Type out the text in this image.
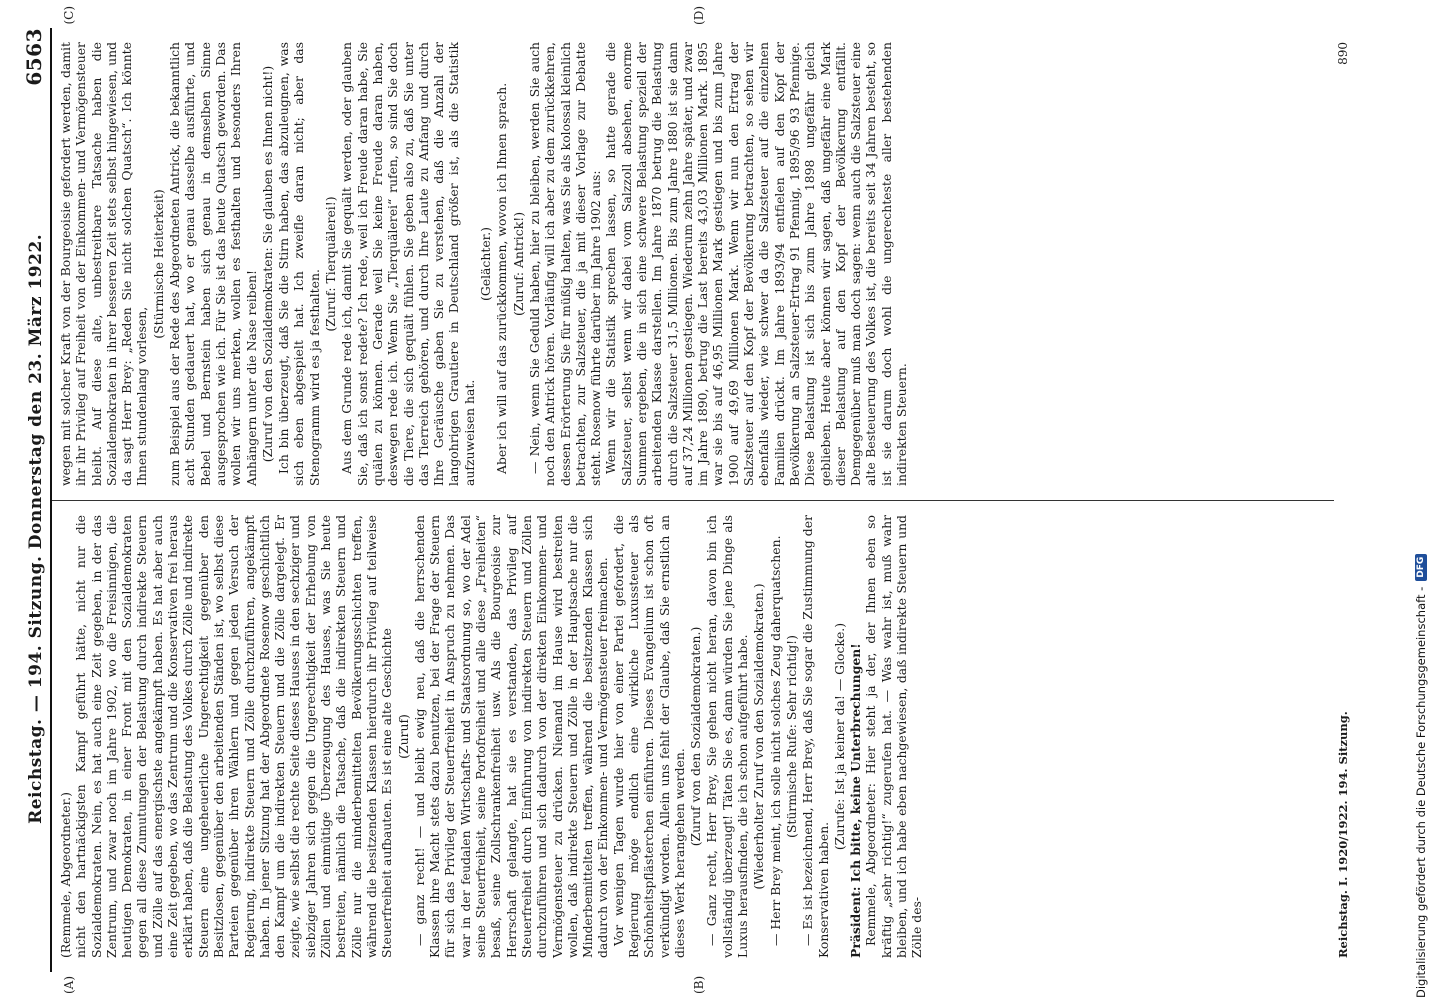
Reichstag. — 194. Sitzung. Donnerstag den 23. März 1922.
6563
(A)	(B)

(Remmele, Abgeordneter.) nicht den hartnäckigsten Kampf geführt hätte, nicht nur die Sozialdemokraten. Nein, es hat auch eine Zeit gegeben, in der das Zentrum, und zwar noch im Jahre 1902, wo die Freisinnigen, die heutigen Demokraten, in einer Front mit den Sozialdemokraten gegen all diese Zumutungen der Belastung durch indirekte Steuern und Zölle auf das energischste angekämpft haben. Es hat aber auch eine Zeit gegeben, wo das Zentrum und die Konservativen frei heraus erklärt haben, daß die Belastung des Volkes durch Zölle und indirekte Steuern eine ungeheuerliche Ungerechtigkeit gegenüber den Besitzlosen, gegenüber den arbeitenden Ständen ist, wo selbst diese Parteien gegenüber ihren Wählern und gegen jeden Versuch der Regierung, indirekte Steuern und Zölle durchzuführen, angekämpft haben. In jener Sitzung hat der Abgeordnete Rosenow geschichtlich den Kampf um die indirekten Steuern und die Zölle dargelegt. Er zeigte, wie selbst die rechte Seite dieses Hauses in den sechziger und siebziger Jahren sich gegen die Ungerechtigkeit der Erhebung von Zöllen und einmütige Überzeugung des Hauses, was Sie heute bestreiten, nämlich die Tatsache, daß die indirekten Steuern und Zölle nur die minderbemittelten Bevölkerungsschichten treffen, während die besitzenden Klassen hierdurch ihr Privileg auf teilweise Steuerfreiheit aufbauten. Es ist eine alte Geschichte (Zuruf) — ganz recht! — und bleibt ewig neu, daß die herrschenden Klassen ihre Macht stets dazu benutzen, bei der Frage der Steuern für sich das Privileg der Steuerfreiheit in Anspruch zu nehmen. Das war in der feudalen Wirtschafts- und Staatsordnung so, wo der Adel seine Steuerfreiheit, seine Portofreiheit und alle diese „Freiheiten“ besaß, seine Zollschrankenfreiheit usw. Als die Bourgeoisie zur Herrschaft gelangte, hat sie es verstanden, das Privileg auf Steuerfreiheit durch Einführung von indirekten Steuern und Zöllen durchzuführen und sich dadurch von der direkten Einkommen- und Vermögensteuer zu drücken. Niemand im Hause wird bestreiten wollen, daß indirekte Steuern und Zölle in der Hauptsache nur die Minderbemittelten treffen, während die besitzenden Klassen sich dadurch von der Einkommen- und Vermögensteuer freimachen. Vor wenigen Tagen wurde hier von einer Partei gefordert, die Regierung möge endlich eine wirkliche Luxussteuer als Schönheitspflästerchen einführen. Dieses Evangelium ist schon oft verkündigt worden. Allein uns fehlt der Glaube, daß Sie ernstlich an dieses Werk herangehen werden.

(Zuruf von den Sozialdemokraten.) — Ganz recht, Herr Brey, Sie gehen nicht heran, davon bin ich vollständig überzeugt! Täten Sie es, dann würden Sie jene Dinge als Luxus herausfinden, die ich schon aufgeführt habe. (Wiederholter Zuruf von den Sozialdemokraten.) — Herr Brey meint, ich solle nicht solches Zeug daherquatschen. (Stürmische Rufe: Sehr richtig!) — Es ist bezeichnend, Herr Brey, daß Sie sogar die Zustimmung der Konservativen haben.

(Zurufe: Ist ja keiner da! — Glocke.) Präsident: Ich bitte, keine Unterbrechungen! Remmele, Abgeordneter: Hier steht ja der, der Ihnen eben so kräftig „sehr richtig!“ zugerufen hat. — Was wahr ist, muß wahr bleiben, und ich habe eben nachgewiesen, daß indirekte Steuern und Zölle des-

(C)	(D)

wegen mit solcher Kraft von der Bourgeoisie gefordert werden, damit ihr ihr Privileg auf Freiheit von der Einkommen- und Vermögensteuer bleibt. Auf diese alte, unbestreitbare Tatsache haben die Sozialdemokraten in ihrer besseren Zeit stets selbst hingewiesen, und da sagt Herr Brey: „Reden Sie nicht solchen Quatsch“. Ich könnte Ihnen stundenlang vorlesen,

(Stürmische Heiterkeit) zum Beispiel aus der Rede des Abgeordneten Antrick, die bekanntlich acht Stunden gedauert hat, wo er genau dasselbe ausführte, und Bebel und Bernstein haben sich genau in demselben Sinne ausgesprochen wie ich. Für Sie ist das heute Quatsch geworden. Das wollen wir uns merken, wollen es festhalten und besonders Ihren Anhängern unter die Nase reiben! (Zuruf von den Sozialdemokraten: Sie glauben es Ihnen nicht!) Ich bin überzeugt, daß Sie die Stirn haben, das abzuleugnen, was sich eben abgespielt hat. Ich zweifle daran nicht; aber das Stenogramm wird es ja festhalten.

(Zuruf: Tierquälerei!) Aus dem Grunde rede ich, damit Sie gequält werden, oder glauben Sie, daß ich sonst redete? Ich rede, weil ich Freude daran habe, Sie quälen zu können. Gerade weil Sie keine Freude daran haben, deswegen rede ich. Wenn Sie „Tierquälerei“ rufen, so sind Sie doch die Tiere, die sich gequält fühlen. Sie geben also zu, daß Sie unter das Tierreich gehören, und durch Ihre Laute zu Anfang und durch Ihre Geräusche gaben Sie zu verstehen, daß die Anzahl der langohrigen Grautiere in Deutschland größer ist, als die Statistik aufzuweisen hat.

(Gelächter.) Aber ich will auf das zurückkommen, wovon ich Ihnen sprach. (Zuruf: Antrick!) — Nein, wenn Sie Geduld haben, hier zu bleiben, werden Sie auch noch den Antrick hören. Vorläufig will ich aber zu dem zurückkehren, dessen Erörterung Sie für müßig halten, was Sie als kolossal kleinlich betrachten, zur Salzsteuer, die ja mit dieser Vorlage zur Debatte steht. Rosenow führte darüber im Jahre 1902 aus: Wenn wir die Statistik sprechen lassen, so hatte gerade die Salzsteuer, selbst wenn wir dabei vom Salzzoll absehen, enorme Summen ergeben, die in sich eine schwere Belastung speziell der arbeitenden Klasse darstellen. Im Jahre 1870 betrug die Belastung durch die Salzsteuer 31,5 Millionen. Bis zum Jahre 1880 ist sie dann auf 37,24 Millionen gestiegen. Wiederum zehn Jahre später, und zwar im Jahre 1890, betrug die Last bereits 43,03 Millionen Mark. 1895 war sie bis auf 46,95 Millionen Mark gestiegen und bis zum Jahre 1900 auf 49,69 Millionen Mark. Wenn wir nun den Ertrag der Salzsteuer auf den Kopf der Bevölkerung betrachten, so sehen wir ebenfalls wieder, wie schwer da die Salzsteuer auf die einzelnen Familien drückt. Im Jahre 1893/94 entfielen auf den Kopf der Bevölkerung an Salzsteuer-Ertrag 91 Pfennig, 1895/96 93 Pfennige. Diese Belastung ist sich bis zum Jahre 1898 ungefähr gleich geblieben. Heute aber können wir sagen, daß ungefähr eine Mark dieser Belastung auf den Kopf der Bevölkerung entfällt. Demgegenüber muß man doch sagen: wenn auch die Salzsteuer eine alte Besteuerung des Volkes ist, die bereits seit 34 Jahren besteht, so ist sie darum doch wohl die ungerechteste aller bestehenden indirekten Steuern.

Reichstag. I. 1920/1922. 194. Sitzung.
890
Digitalisierung gefördert durch die Deutsche Forschungsgemeinschaft -
DFG
